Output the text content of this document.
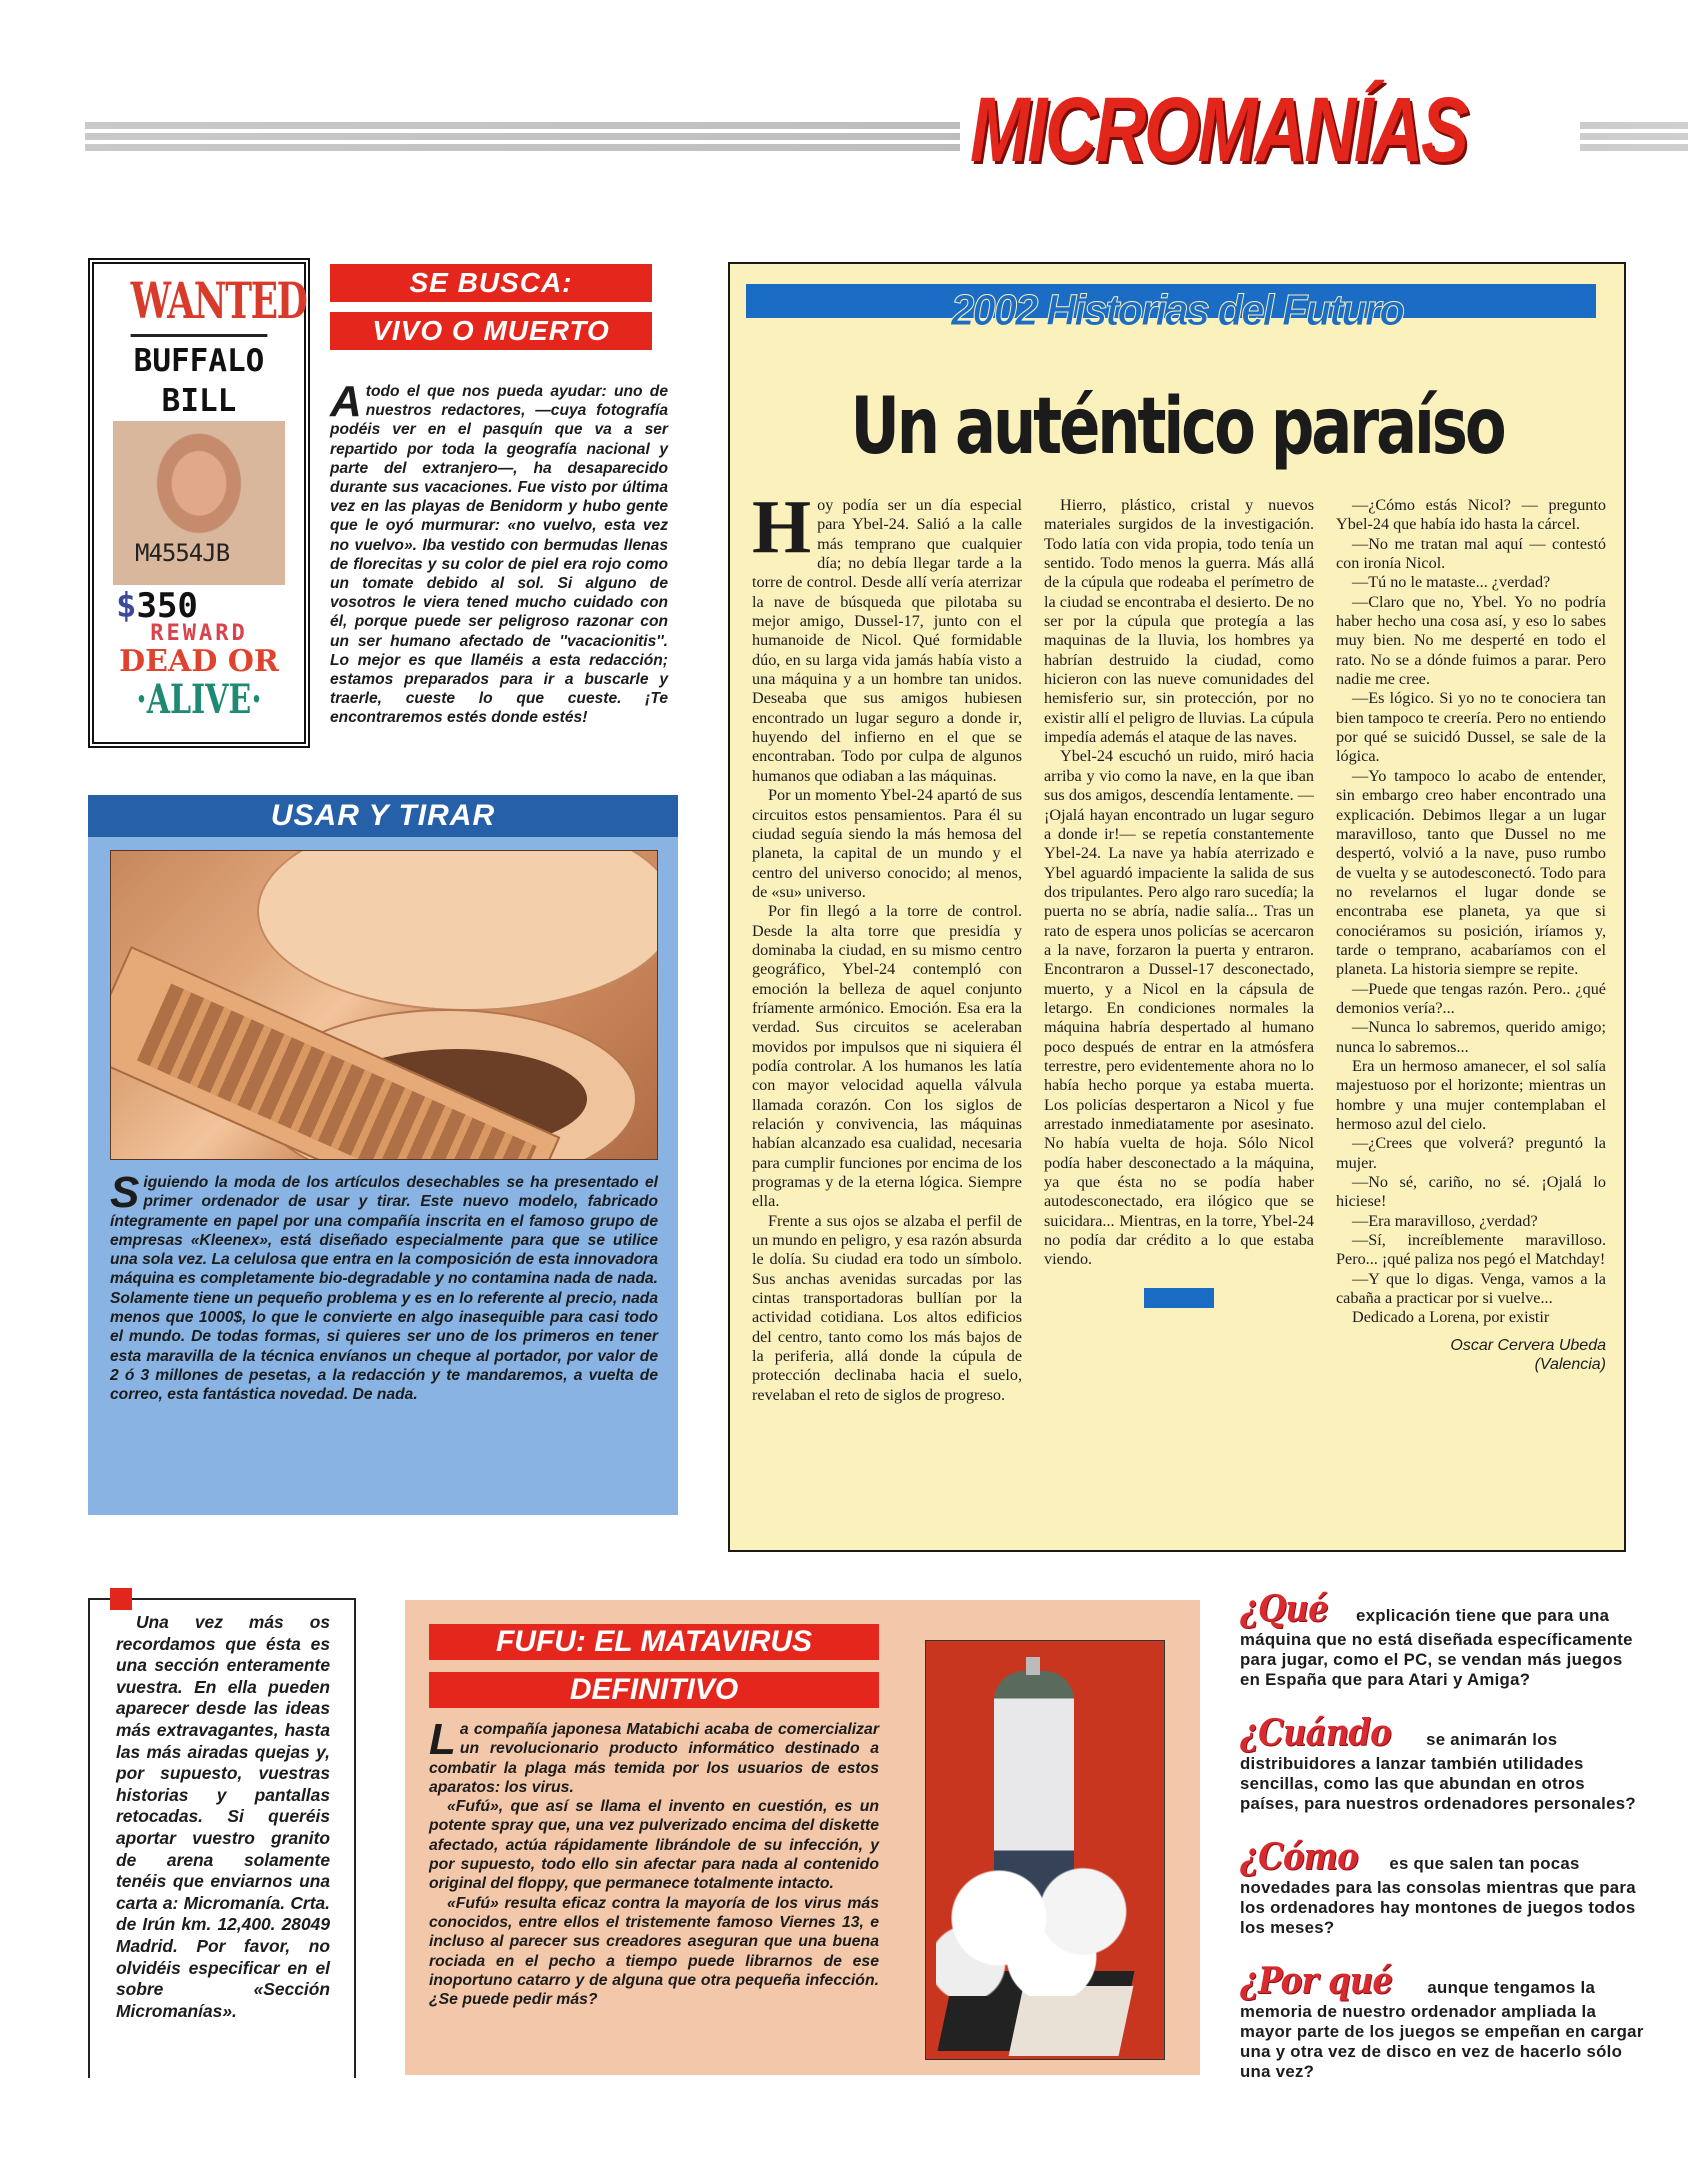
MICROMANÍAS
WANTED
BUFFALO
BILL
M4554JB
$350
REWARD
DEAD OR
·ALIVE·
SE BUSCA:
VIVO O MUERTO
A todo el que nos pueda ayudar: uno de nuestros redactores, —cuya fotografía podéis ver en el pasquín que va a ser repartido por toda la geografía nacional y parte del extranjero—, ha desaparecido durante sus vacaciones. Fue visto por última vez en las playas de Benidorm y hubo gente que le oyó murmurar: «no vuelvo, esta vez no vuelvo». Iba vestido con bermudas llenas de florecitas y su color de piel era rojo como un tomate debido al sol. Si alguno de vosotros le viera tened mucho cuidado con él, porque puede ser peligroso razonar con un ser humano afectado de ''vacacionitis''. Lo mejor es que llaméis a esta redacción; estamos preparados para ir a buscarle y traerle, cueste lo que cueste. ¡Te encontraremos estés donde estés!
USAR Y TIRAR
S iguiendo la moda de los artículos desechables se ha presentado el primer ordenador de usar y tirar. Este nuevo modelo, fabricado íntegramente en papel por una compañía inscrita en el famoso grupo de empresas «Kleenex», está diseñado especialmente para que se utilice una sola vez. La celulosa que entra en la composición de esta innovadora máquina es completamente bio-degradable y no contamina nada de nada. Solamente tiene un pequeño problema y es en lo referente al precio, nada menos que 1000$, lo que le convierte en algo inasequible para casi todo el mundo. De todas formas, si quieres ser uno de los primeros en tener esta maravilla de la técnica envíanos un cheque al portador, por valor de 2 ó 3 millones de pesetas, a la redacción y te mandaremos, a vuelta de correo, esta fantástica novedad. De nada.
2002 Historias del Futuro
Un auténtico paraíso

Hoy podía ser un día especial para Ybel-24. Salió a la calle más temprano que cualquier día; no debía llegar tarde a la torre de control. Desde allí vería aterrizar la nave de búsqueda que pilotaba su mejor amigo, Dussel-17, junto con el humanoide de Nicol. Qué formidable dúo, en su larga vida jamás había visto a una máquina y a un hombre tan unidos. Deseaba que sus amigos hubiesen encontrado un lugar seguro a donde ir, huyendo del infierno en el que se encontraban. Todo por culpa de algunos humanos que odiaban a las máquinas.

Por un momento Ybel-24 apartó de sus circuitos estos pensamientos. Para él su ciudad seguía siendo la más hemosa del planeta, la capital de un mundo y el centro del universo conocido; al menos, de «su» universo.

Por fin llegó a la torre de control. Desde la alta torre que presidía y dominaba la ciudad, en su mismo centro geográfico, Ybel-24 contempló con emoción la belleza de aquel conjunto fríamente armónico. Emoción. Esa era la verdad. Sus circuitos se aceleraban movidos por impulsos que ni siquiera él podía controlar. A los humanos les latía con mayor velocidad aquella válvula llamada corazón. Con los siglos de relación y convivencia, las máquinas habían alcanzado esa cualidad, necesaria para cumplir funciones por encima de los programas y de la eterna lógica. Siempre ella.

Frente a sus ojos se alzaba el perfil de un mundo en peligro, y esa razón absurda le dolía. Su ciudad era todo un símbolo. Sus anchas avenidas surcadas por las cintas transportadoras bullían por la actividad cotidiana. Los altos edificios del centro, tanto como los más bajos de la periferia, allá donde la cúpula de protección declinaba hacia el suelo, revelaban el reto de siglos de progreso.

Hierro, plástico, cristal y nuevos materiales surgidos de la investigación. Todo latía con vida propia, todo tenía un sentido. Todo menos la guerra. Más allá de la cúpula que rodeaba el perímetro de la ciudad se encontraba el desierto. De no ser por la cúpula que protegía a las maquinas de la lluvia, los hombres ya habrían destruido la ciudad, como hicieron con las nueve comunidades del hemisferio sur, sin protección, por no existir allí el peligro de lluvias. La cúpula impedía además el ataque de las naves.

Ybel-24 escuchó un ruido, miró hacia arriba y vio como la nave, en la que iban sus dos amigos, descendía lentamente. —¡Ojalá hayan encontrado un lugar seguro a donde ir!— se repetía constantemente Ybel-24. La nave ya había aterrizado e Ybel aguardó impaciente la salida de sus dos tripulantes. Pero algo raro sucedía; la puerta no se abría, nadie salía... Tras un rato de espera unos policías se acercaron a la nave, forzaron la puerta y entraron. Encontraron a Dussel-17 desconectado, muerto, y a Nicol en la cápsula de letargo. En condiciones normales la máquina habría despertado al humano poco después de entrar en la atmósfera terrestre, pero evidentemente ahora no lo había hecho porque ya estaba muerta. Los policías despertaron a Nicol y fue arrestado inmediatamente por asesinato. No había vuelta de hoja. Sólo Nicol podía haber desconectado a la máquina, ya que ésta no se podía haber autodesconectado, era ilógico que se suicidara... Mientras, en la torre, Ybel-24 no podía dar crédito a lo que estaba viendo.

—¿Cómo estás Nicol? — pregunto Ybel-24 que había ido hasta la cárcel.

—No me tratan mal aquí — contestó con ironía Nicol.

—Tú no le mataste... ¿verdad?

—Claro que no, Ybel. Yo no podría haber hecho una cosa así, y eso lo sabes muy bien. No me desperté en todo el rato. No se a dónde fuimos a parar. Pero nadie me cree.

—Es lógico. Si yo no te conociera tan bien tampoco te creería. Pero no entiendo por qué se suicidó Dussel, se sale de la lógica.

—Yo tampoco lo acabo de entender, sin embargo creo haber encontrado una explicación. Debimos llegar a un lugar maravilloso, tanto que Dussel no me despertó, volvió a la nave, puso rumbo de vuelta y se autodesconectó. Todo para no revelarnos el lugar donde se encontraba ese planeta, ya que si conociéramos su posición, iríamos y, tarde o temprano, acabaríamos con el planeta. La historia siempre se repite.

—Puede que tengas razón. Pero.. ¿qué demonios vería?...

—Nunca lo sabremos, querido amigo; nunca lo sabremos...

Era un hermoso amanecer, el sol salía majestuoso por el horizonte; mientras un hombre y una mujer contemplaban el hermoso azul del cielo.

—¿Crees que volverá? preguntó la mujer.

—No sé, cariño, no sé. ¡Ojalá lo hiciese!

—Era maravilloso, ¿verdad?

—Sí, increíblemente maravilloso. Pero... ¡qué paliza nos pegó el Matchday!

—Y que lo digas. Venga, vamos a la cabaña a practicar por si vuelve...

Dedicado a Lorena, por existir

Oscar Cervera Ubeda
(Valencia)

Una vez más os recordamos que ésta es una sección enteramente vuestra. En ella pueden aparecer desde las ideas más extravagantes, hasta las más airadas quejas y, por supuesto, vuestras historias y pantallas retocadas. Si queréis aportar vuestro granito de arena solamente tenéis que enviarnos una carta a: Micromanía. Crta. de Irún km. 12,400. 28049 Madrid. Por favor, no olvidéis especificar en el sobre «Sección Micromanías».

FUFU: EL MATAVIRUS
DEFINITIVO

La compañía japonesa Matabichi acaba de comercializar un revolucionario producto informático destinado a combatir la plaga más temida por los usuarios de estos aparatos: los virus.

«Fufú», que así se llama el invento en cuestión, es un potente spray que, una vez pulverizado encima del diskette afectado, actúa rápidamente librándole de su infección, y por supuesto, todo ello sin afectar para nada al contenido original del floppy, que permanece totalmente intacto.

«Fufú» resulta eficaz contra la mayoría de los virus más conocidos, entre ellos el tristemente famoso Viernes 13, e incluso al parecer sus creadores aseguran que una buena rociada en el pecho a tiempo puede librarnos de ese inoportuno catarro y de alguna que otra pequeña infección. ¿Se puede pedir más?

¿Qué explicación tiene que para una máquina que no está diseñada específicamente para jugar, como el PC, se vendan más juegos en España que para Atari y Amiga?
¿Cuándo se animarán los distribuidores a lanzar también utilidades sencillas, como las que abundan en otros países, para nuestros ordenadores personales?
¿Cómo es que salen tan pocas novedades para las consolas mientras que para los ordenadores hay montones de juegos todos los meses?
¿Por qué aunque tengamos la memoria de nuestro ordenador ampliada la mayor parte de los juegos se empeñan en cargar una y otra vez de disco en vez de hacerlo sólo una vez?
